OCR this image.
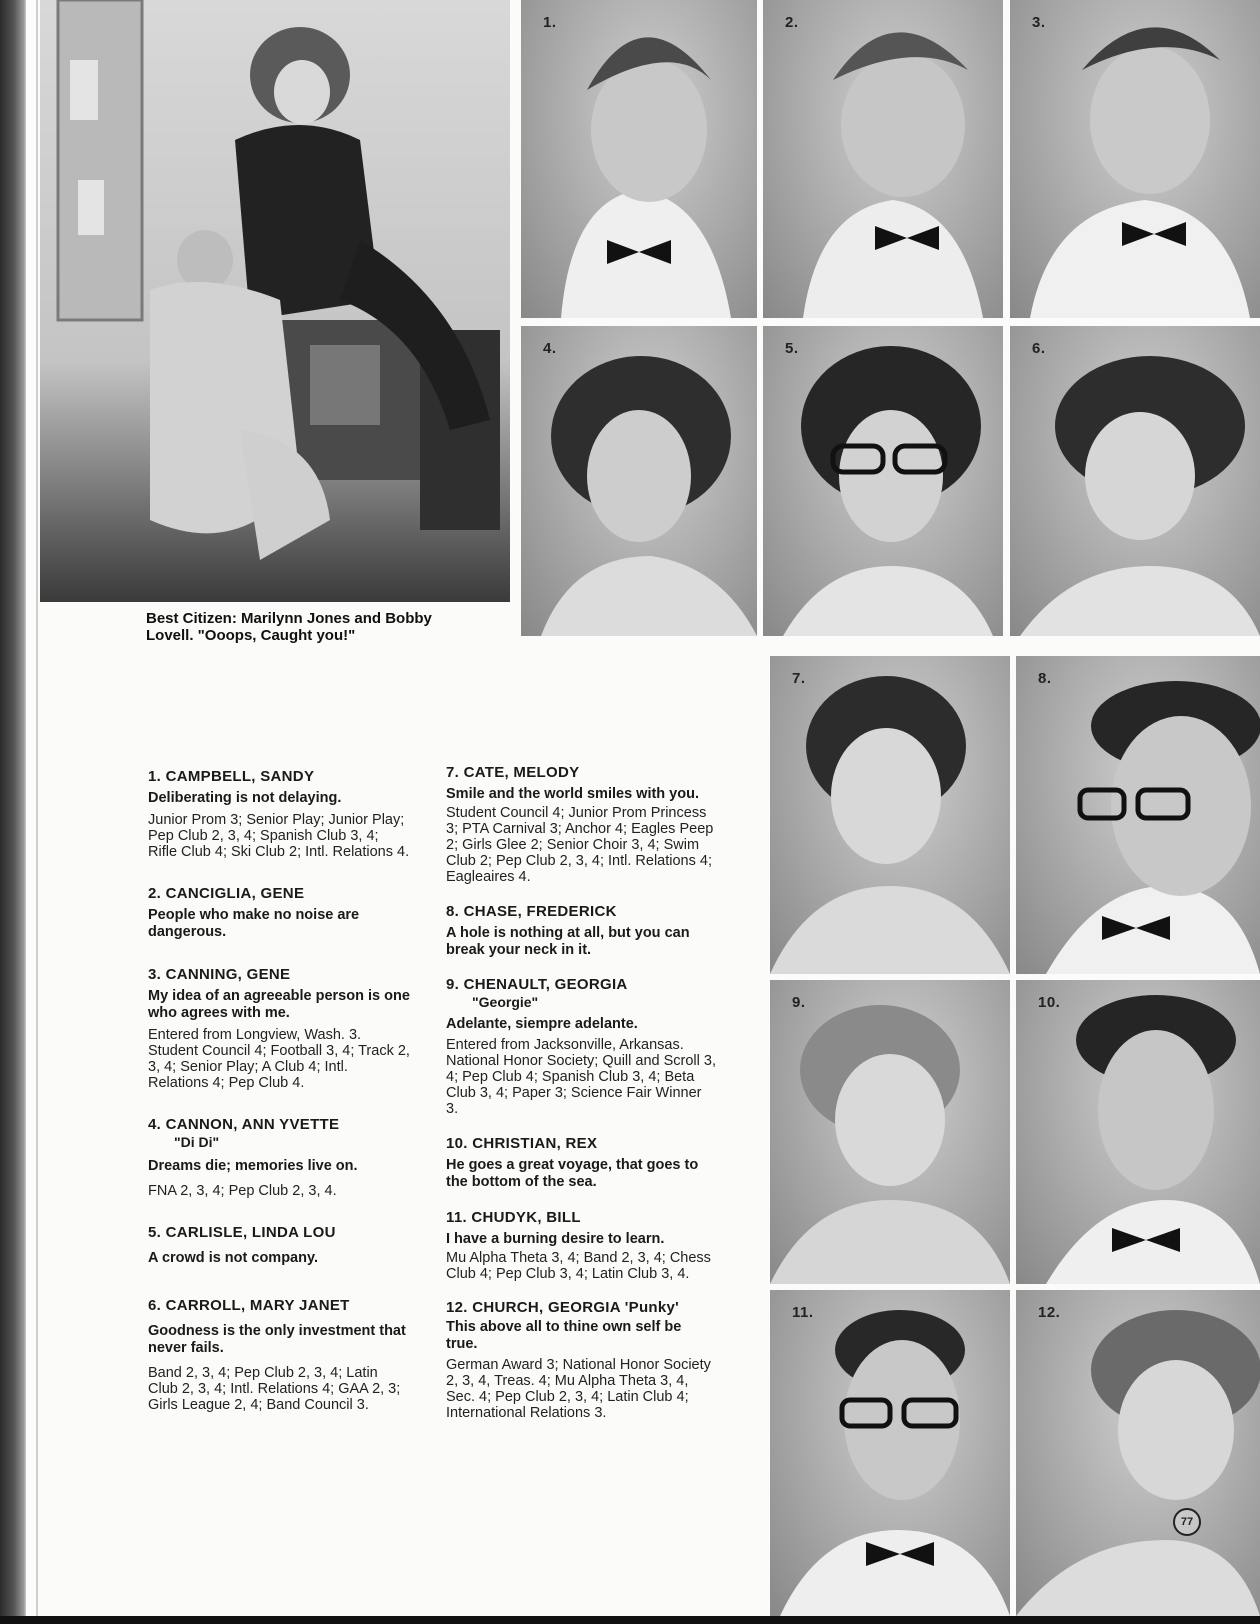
Best Citizen: Marilynn Jones and Bobby Lovell. "Ooops, Caught you!"
1.	2.	3.
4.	5.	6.
7.	8.
9.	10.
11.	12.
77

1. CAMPBELL, SANDY

Deliberating is not delaying.

Junior Prom 3; Senior Play; Junior Play; Pep Club 2, 3, 4; Spanish Club 3, 4; Rifle Club 4; Ski Club 2; Intl. Relations 4.

2. CANCIGLIA, GENE

People who make no noise are dangerous.

3. CANNING, GENE

My idea of an agreeable person is one who agrees with me.

Entered from Longview, Wash. 3. Student Council 4; Football 3, 4; Track 2, 3, 4; Senior Play; A Club 4; Intl. Relations 4; Pep Club 4.

4. CANNON, ANN YVETTE

"Di Di"

Dreams die; memories live on.

FNA 2, 3, 4; Pep Club 2, 3, 4.

5. CARLISLE, LINDA LOU

A crowd is not company.

6. CARROLL, MARY JANET

Goodness is the only investment that never fails.

Band 2, 3, 4; Pep Club 2, 3, 4; Latin Club 2, 3, 4; Intl. Relations 4; GAA 2, 3; Girls League 2, 4; Band Council 3.

7. CATE, MELODY

Smile and the world smiles with you.

Student Council 4; Junior Prom Princess 3; PTA Carnival 3; Anchor 4; Eagles Peep 2; Girls Glee 2; Senior Choir 3, 4; Swim Club 2; Pep Club 2, 3, 4; Intl. Relations 4; Eagleaires 4.

8. CHASE, FREDERICK

A hole is nothing at all, but you can break your neck in it.

9. CHENAULT, GEORGIA

"Georgie"

Adelante, siempre adelante.

Entered from Jacksonville, Arkansas. National Honor Society; Quill and Scroll 3, 4; Pep Club 4; Spanish Club 3, 4; Beta Club 3, 4; Paper 3; Science Fair Winner 3.

10. CHRISTIAN, REX

He goes a great voyage, that goes to the bottom of the sea.

11. CHUDYK, BILL

I have a burning desire to learn.

Mu Alpha Theta 3, 4; Band 2, 3, 4; Chess Club 4; Pep Club 3, 4; Latin Club 3, 4.

12. CHURCH, GEORGIA 'Punky'

This above all to thine own self be true.

German Award 3; National Honor Society 2, 3, 4, Treas. 4; Mu Alpha Theta 3, 4, Sec. 4; Pep Club 2, 3, 4; Latin Club 4; International Relations 3.
